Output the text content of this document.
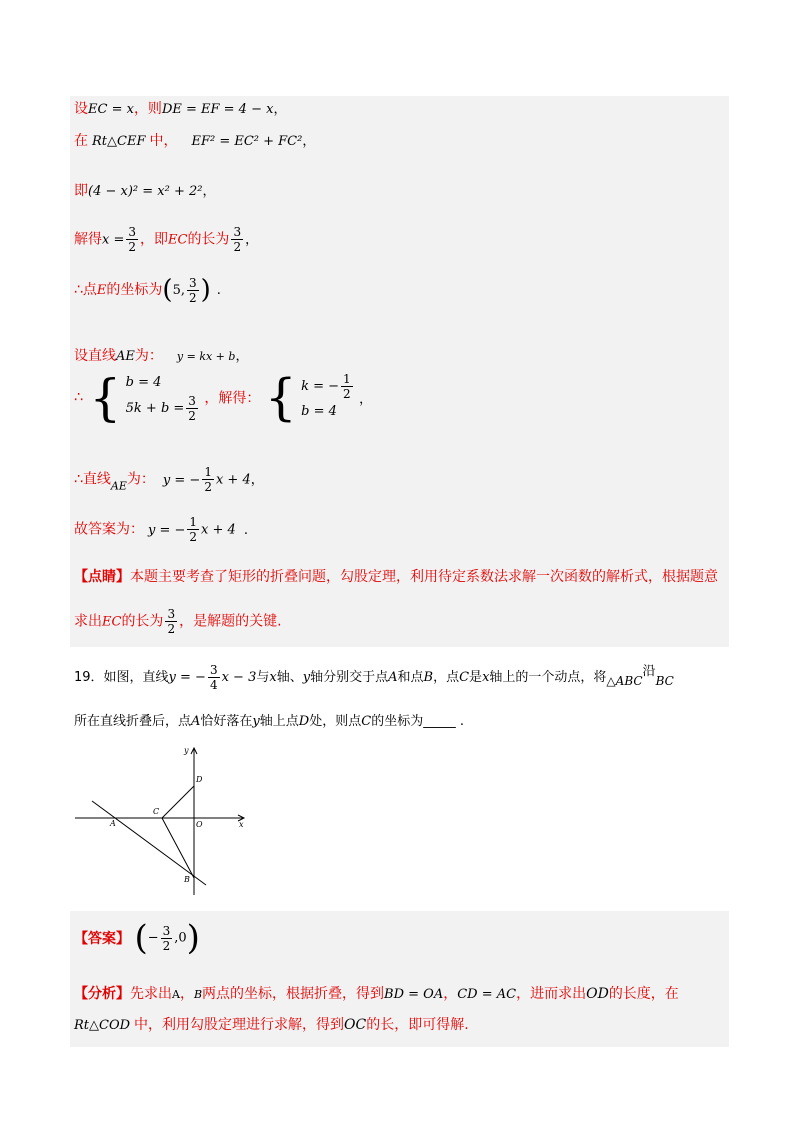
设EC = x，则DE = EF = 4 − x，
在 Rt△CEF 中， EF² = EC² + FC²，
即(4 − x)² = x² + 2²，
解得$x = \frac{3}{2}$ ，即EC的长为 $\frac{3}{2}$ ，
∴点E的坐标为(5, $\frac{3}{2}$ ) .
设直线AE为： y = kx + b，
∴ { b = 4
$5k + b = \frac{3}{2}$ ，解得： { k = − $\frac{1}{2}$
b = 4
，
∴直线$_{AE}$为： y = − $\frac{1}{2}$ x + 4，
故答案为： y = − $\frac{1}{2}$ x + 4 .
【点睛】本题主要考查了矩形的折叠问题，勾股定理，利用待定系数法求解一次函数的解析式，根据题意
求出EC的长为 $\frac{3}{2}$ ，是解题的关键.
19．如图，直线y = − $\frac{3}{4}$ x − 3与x轴、y轴分别交于点A和点B，点C是x轴上的一个动点，将△ABC沿BC
所在直线折叠后，点A恰好落在y轴上点D处，则点C的坐标为_____ .
y
D
C
A	O	x
B
【答案】 (− $\frac{3}{2} ,0$)
【分析】先求出A，B两点的坐标，根据折叠，得到BD = OA，CD = AC，进而求出OD的长度，在
Rt△COD 中，利用勾股定理进行求解，得到OC的长，即可得解.
